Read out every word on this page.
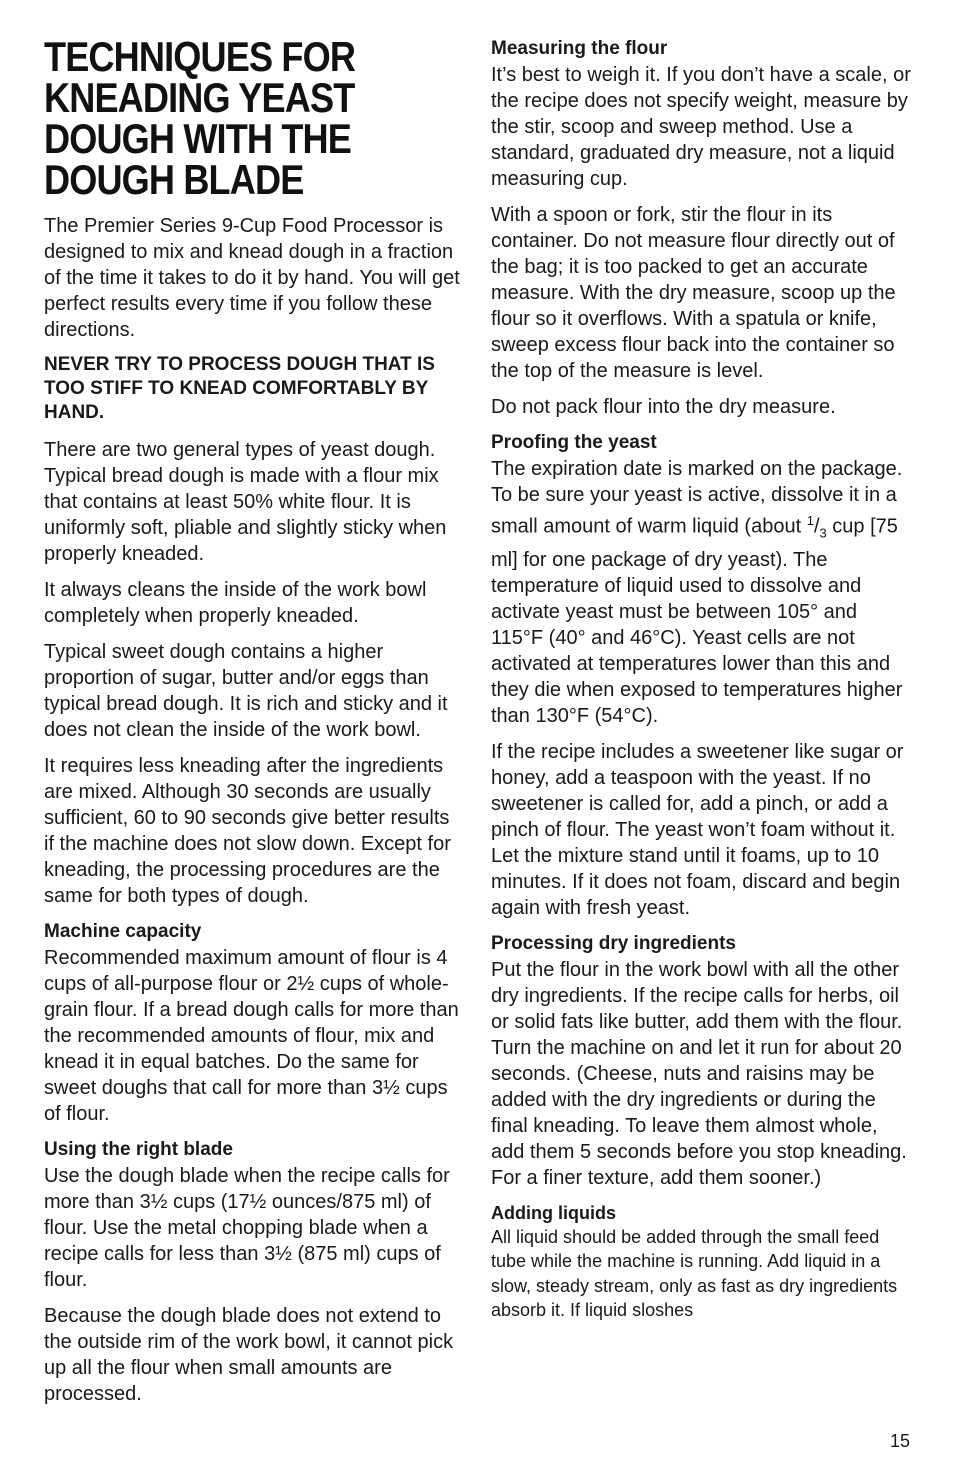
TECHNIQUES FOR KNEADING YEAST DOUGH WITH THE DOUGH BLADE

The Premier Series 9-Cup Food Processor is designed to mix and knead dough in a fraction of the time it takes to do it by hand. You will get perfect results every time if you follow these directions.

NEVER TRY TO PROCESS DOUGH THAT IS TOO STIFF TO KNEAD COMFORTABLY BY HAND.

There are two general types of yeast dough. Typical bread dough is made with a flour mix that contains at least 50% white flour. It is uniformly soft, pliable and slightly sticky when properly kneaded.

It always cleans the inside of the work bowl completely when properly kneaded.

Typical sweet dough contains a higher proportion of sugar, butter and/or eggs than typical bread dough. It is rich and sticky and it does not clean the inside of the work bowl.

It requires less kneading after the ingredients are mixed. Although 30 seconds are usually sufficient, 60 to 90 seconds give better results if the machine does not slow down. Except for kneading, the processing procedures are the same for both types of dough.

Machine capacity
Recommended maximum amount of flour is 4 cups of all-purpose flour or 2½ cups of whole-grain flour. If a bread dough calls for more than the recommended amounts of flour, mix and knead it in equal batches. Do the same for sweet doughs that call for more than 3½ cups of flour.

Using the right blade
Use the dough blade when the recipe calls for more than 3½ cups (17½ ounces/875 ml) of flour. Use the metal chopping blade when a recipe calls for less than 3½ (875 ml) cups of flour.

Because the dough blade does not extend to the outside rim of the work bowl, it cannot pick up all the flour when small amounts are processed.

Measuring the flour
It’s best to weigh it. If you don’t have a scale, or the recipe does not specify weight, measure by the stir, scoop and sweep method. Use a standard, graduated dry measure, not a liquid measuring cup.

With a spoon or fork, stir the flour in its container. Do not measure flour directly out of the bag; it is too packed to get an accurate measure. With the dry measure, scoop up the flour so it overflows. With a spatula or knife, sweep excess flour back into the container so the top of the measure is level.

Do not pack flour into the dry measure.

Proofing the yeast
The expiration date is marked on the package. To be sure your yeast is active, dissolve it in a small amount of warm liquid (about $^1/_3$ cup [75 ml] for one package of dry yeast). The temperature of liquid used to dissolve and activate yeast must be between 105° and 115°F (40° and 46°C). Yeast cells are not activated at temperatures lower than this and they die when exposed to temperatures higher than 130°F (54°C).

If the recipe includes a sweetener like sugar or honey, add a teaspoon with the yeast. If no sweetener is called for, add a pinch, or add a pinch of flour. The yeast won’t foam without it. Let the mixture stand until it foams, up to 10 minutes. If it does not foam, discard and begin again with fresh yeast.

Processing dry ingredients
Put the flour in the work bowl with all the other dry ingredients. If the recipe calls for herbs, oil or solid fats like butter, add them with the flour. Turn the machine on and let it run for about 20 seconds. (Cheese, nuts and raisins may be added with the dry ingredients or during the final kneading. To leave them almost whole, add them 5 seconds before you stop kneading. For a finer texture, add them sooner.)

Adding liquids
All liquid should be added through the small feed tube while the machine is running. Add liquid in a slow, steady stream, only as fast as dry ingredients absorb it. If liquid sloshes

15
